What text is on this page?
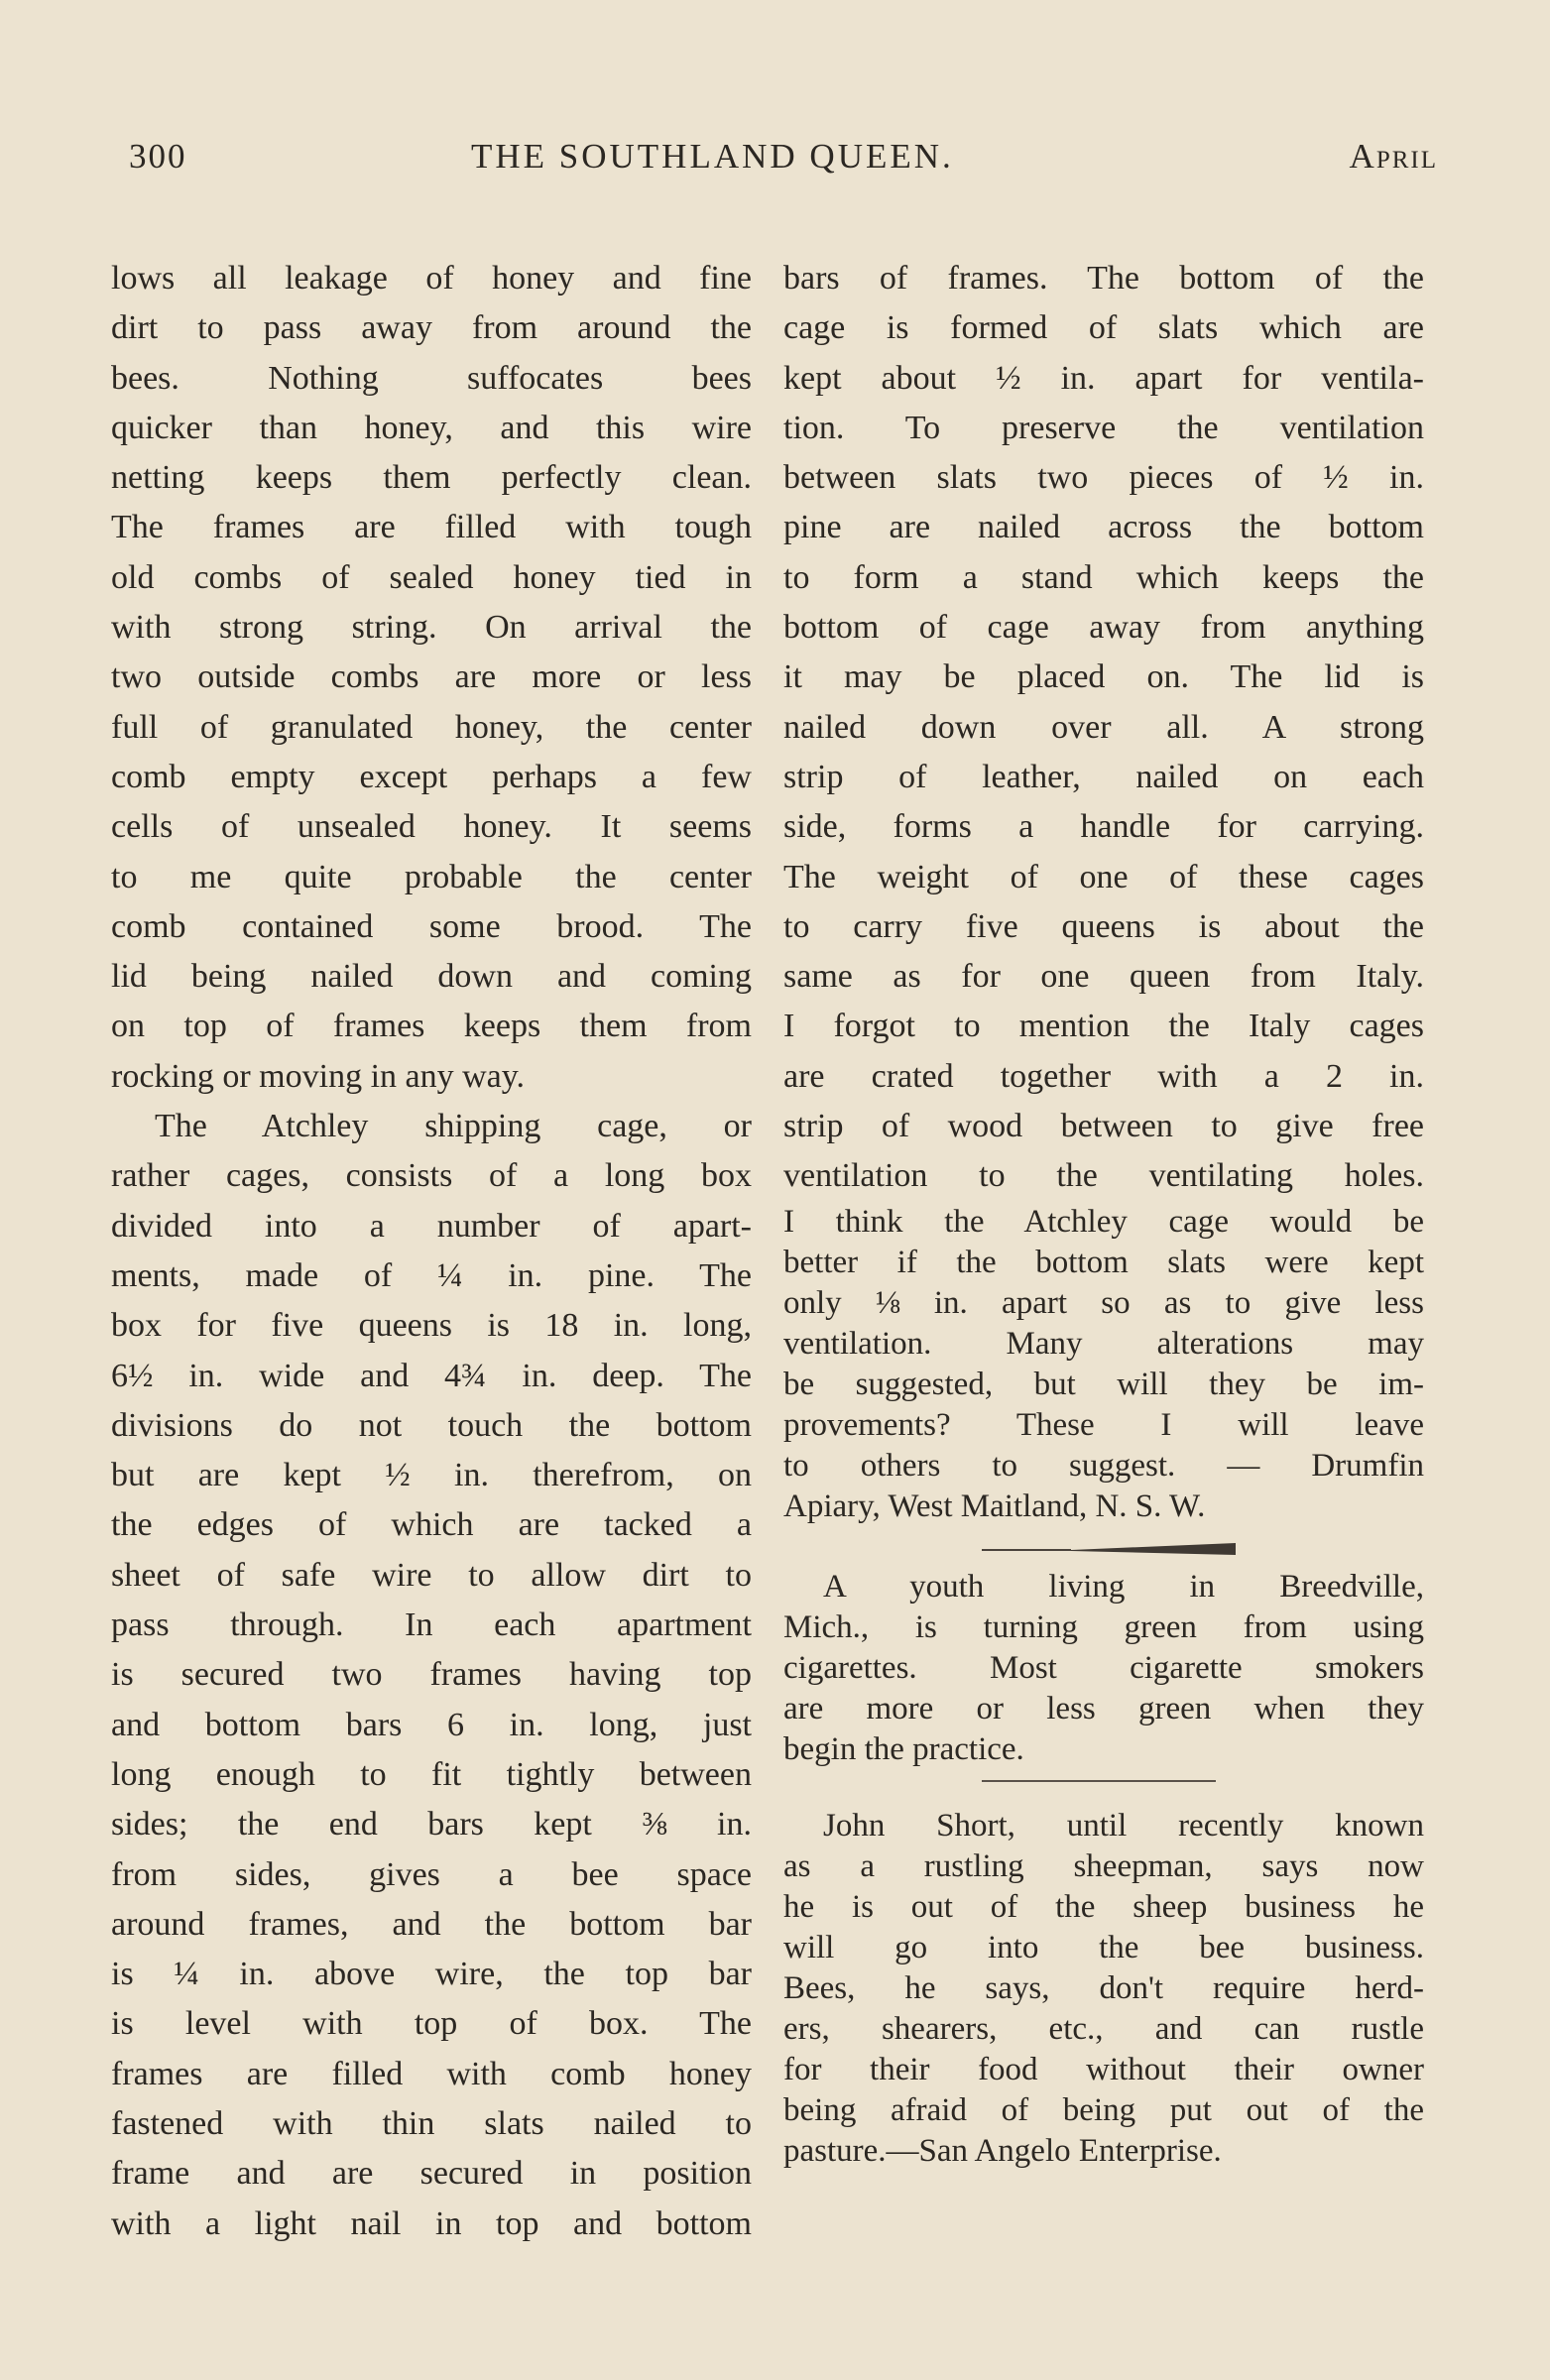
300	THE SOUTHLAND QUEEN.	April
lows all leakage of honey and fine
dirt to pass away from around the
bees. Nothing suffocates bees
quicker than honey, and this wire
netting keeps them perfectly clean.
The frames are filled with tough
old combs of sealed honey tied in
with strong string. On arrival the
two outside combs are more or less
full of granulated honey, the center
comb empty except perhaps a few
cells of unsealed honey. It seems
to me quite probable the center
comb contained some brood. The
lid being nailed down and coming
on top of frames keeps them from
rocking or moving in any way.
The Atchley shipping cage, or
rather cages, consists of a long box
divided into a number of apart-
ments, made of ¼ in. pine. The
box for five queens is 18 in. long,
6½ in. wide and 4¾ in. deep. The
divisions do not touch the bottom
but are kept ½ in. therefrom, on
the edges of which are tacked a
sheet of safe wire to allow dirt to
pass through. In each apartment
is secured two frames having top
and bottom bars 6 in. long, just
long enough to fit tightly between
sides; the end bars kept ⅜ in.
from sides, gives a bee space
around frames, and the bottom bar
is ¼ in. above wire, the top bar
is level with top of box. The
frames are filled with comb honey
fastened with thin slats nailed to
frame and are secured in position
with a light nail in top and bottom
bars of frames. The bottom of the
cage is formed of slats which are
kept about ½ in. apart for ventila-
tion. To preserve the ventilation
between slats two pieces of ½ in.
pine are nailed across the bottom
to form a stand which keeps the
bottom of cage away from anything
it may be placed on. The lid is
nailed down over all. A strong
strip of leather, nailed on each
side, forms a handle for carrying.
The weight of one of these cages
to carry five queens is about the
same as for one queen from Italy.
I forgot to mention the Italy cages
are crated together with a 2 in.
strip of wood between to give free
ventilation to the ventilating holes.
I think the Atchley cage would be
better if the bottom slats were kept
only ⅛ in. apart so as to give less
ventilation. Many alterations may
be suggested, but will they be im-
provements? These I will leave
to others to suggest. — Drumfin
Apiary, West Maitland, N. S. W.
A youth living in Breedville,
Mich., is turning green from using
cigarettes. Most cigarette smokers
are more or less green when they
begin the practice.
John Short, until recently known
as a rustling sheepman, says now
he is out of the sheep business he
will go into the bee business.
Bees, he says, don't require herd-
ers, shearers, etc., and can rustle
for their food without their owner
being afraid of being put out of the
pasture.—San Angelo Enterprise.
